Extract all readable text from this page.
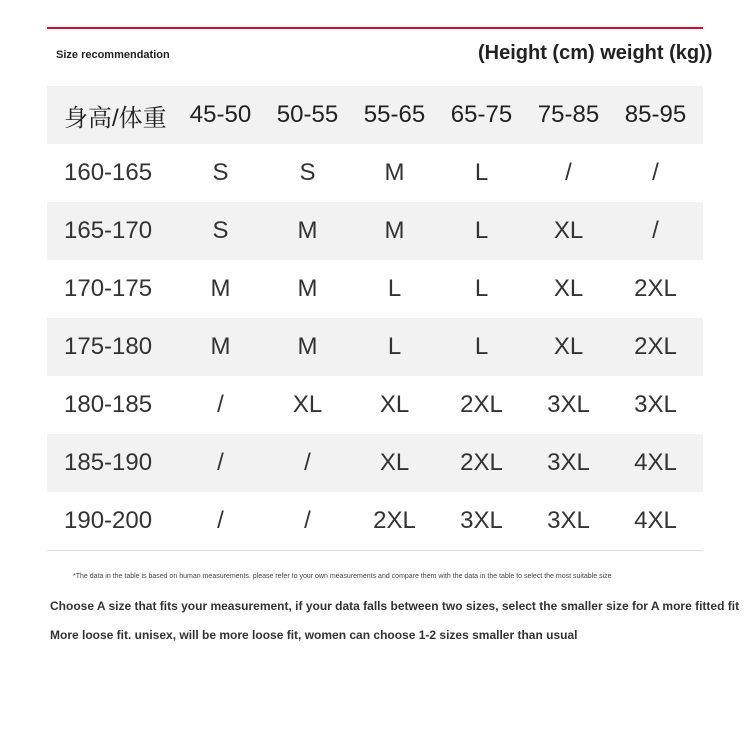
Size recommendation	(Height (cm) weight (kg))
身高/体重 45-50	50-55	55-65	65-75	75-85	85-95
160-165	S	S	M	L	/	/
165-170	S	M	M	L	XL	/
170-175	M	M	L	L	XL	2XL
175-180	M	M	L	L	XL	2XL
180-185	/	XL	XL	2XL	3XL	3XL
185-190	/	/	XL	2XL	3XL	4XL
190-200	/	/	2XL	3XL	3XL	4XL
*The data in the table is based on human measurements. please refer to your own measurements and compare them with the data in the table to select the most suitable size
Choose A size that fits your measurement, if your data falls between two sizes, select the smaller size for A more fitted fit
More loose fit. unisex, will be more loose fit, women can choose 1-2 sizes smaller than usual
